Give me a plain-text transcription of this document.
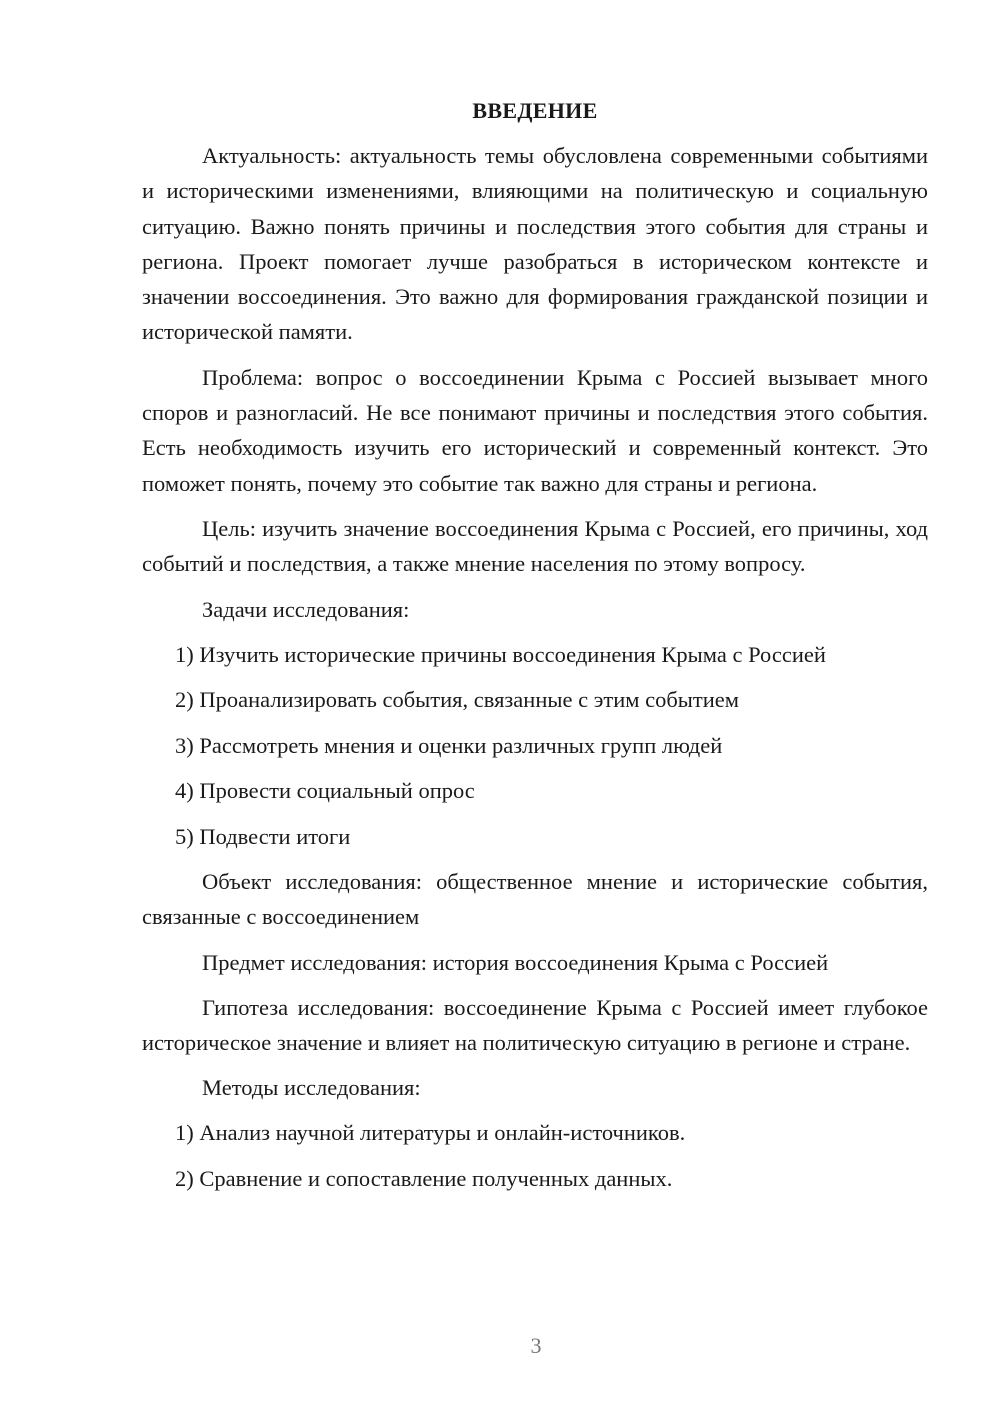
ВВЕДЕНИЕ

Актуальность: актуальность темы обусловлена современными событиями и историческими изменениями, влияющими на политическую и социальную ситуацию. Важно понять причины и последствия этого события для страны и региона. Проект помогает лучше разобраться в историческом контексте и значении воссоединения. Это важно для формирования гражданской позиции и исторической памяти.

Проблема: вопрос о воссоединении Крыма с Россией вызывает много споров и разногласий. Не все понимают причины и последствия этого события. Есть необходимость изучить его исторический и современный контекст. Это поможет понять, почему это событие так важно для страны и региона.

Цель: изучить значение воссоединения Крыма с Россией, его причины, ход событий и последствия, а также мнение населения по этому вопросу.

Задачи исследования:

1) Изучить исторические причины воссоединения Крыма с Россией
2) Проанализировать события, связанные с этим событием
3) Рассмотреть мнения и оценки различных групп людей
4) Провести социальный опрос
5) Подвести итоги

Объект исследования: общественное мнение и исторические события, связанные с воссоединением

Предмет исследования: история воссоединения Крыма с Россией

Гипотеза исследования: воссоединение Крыма с Россией имеет глубокое историческое значение и влияет на политическую ситуацию в регионе и стране.

Методы исследования:

1) Анализ научной литературы и онлайн-источников.
2) Сравнение и сопоставление полученных данных.
3
